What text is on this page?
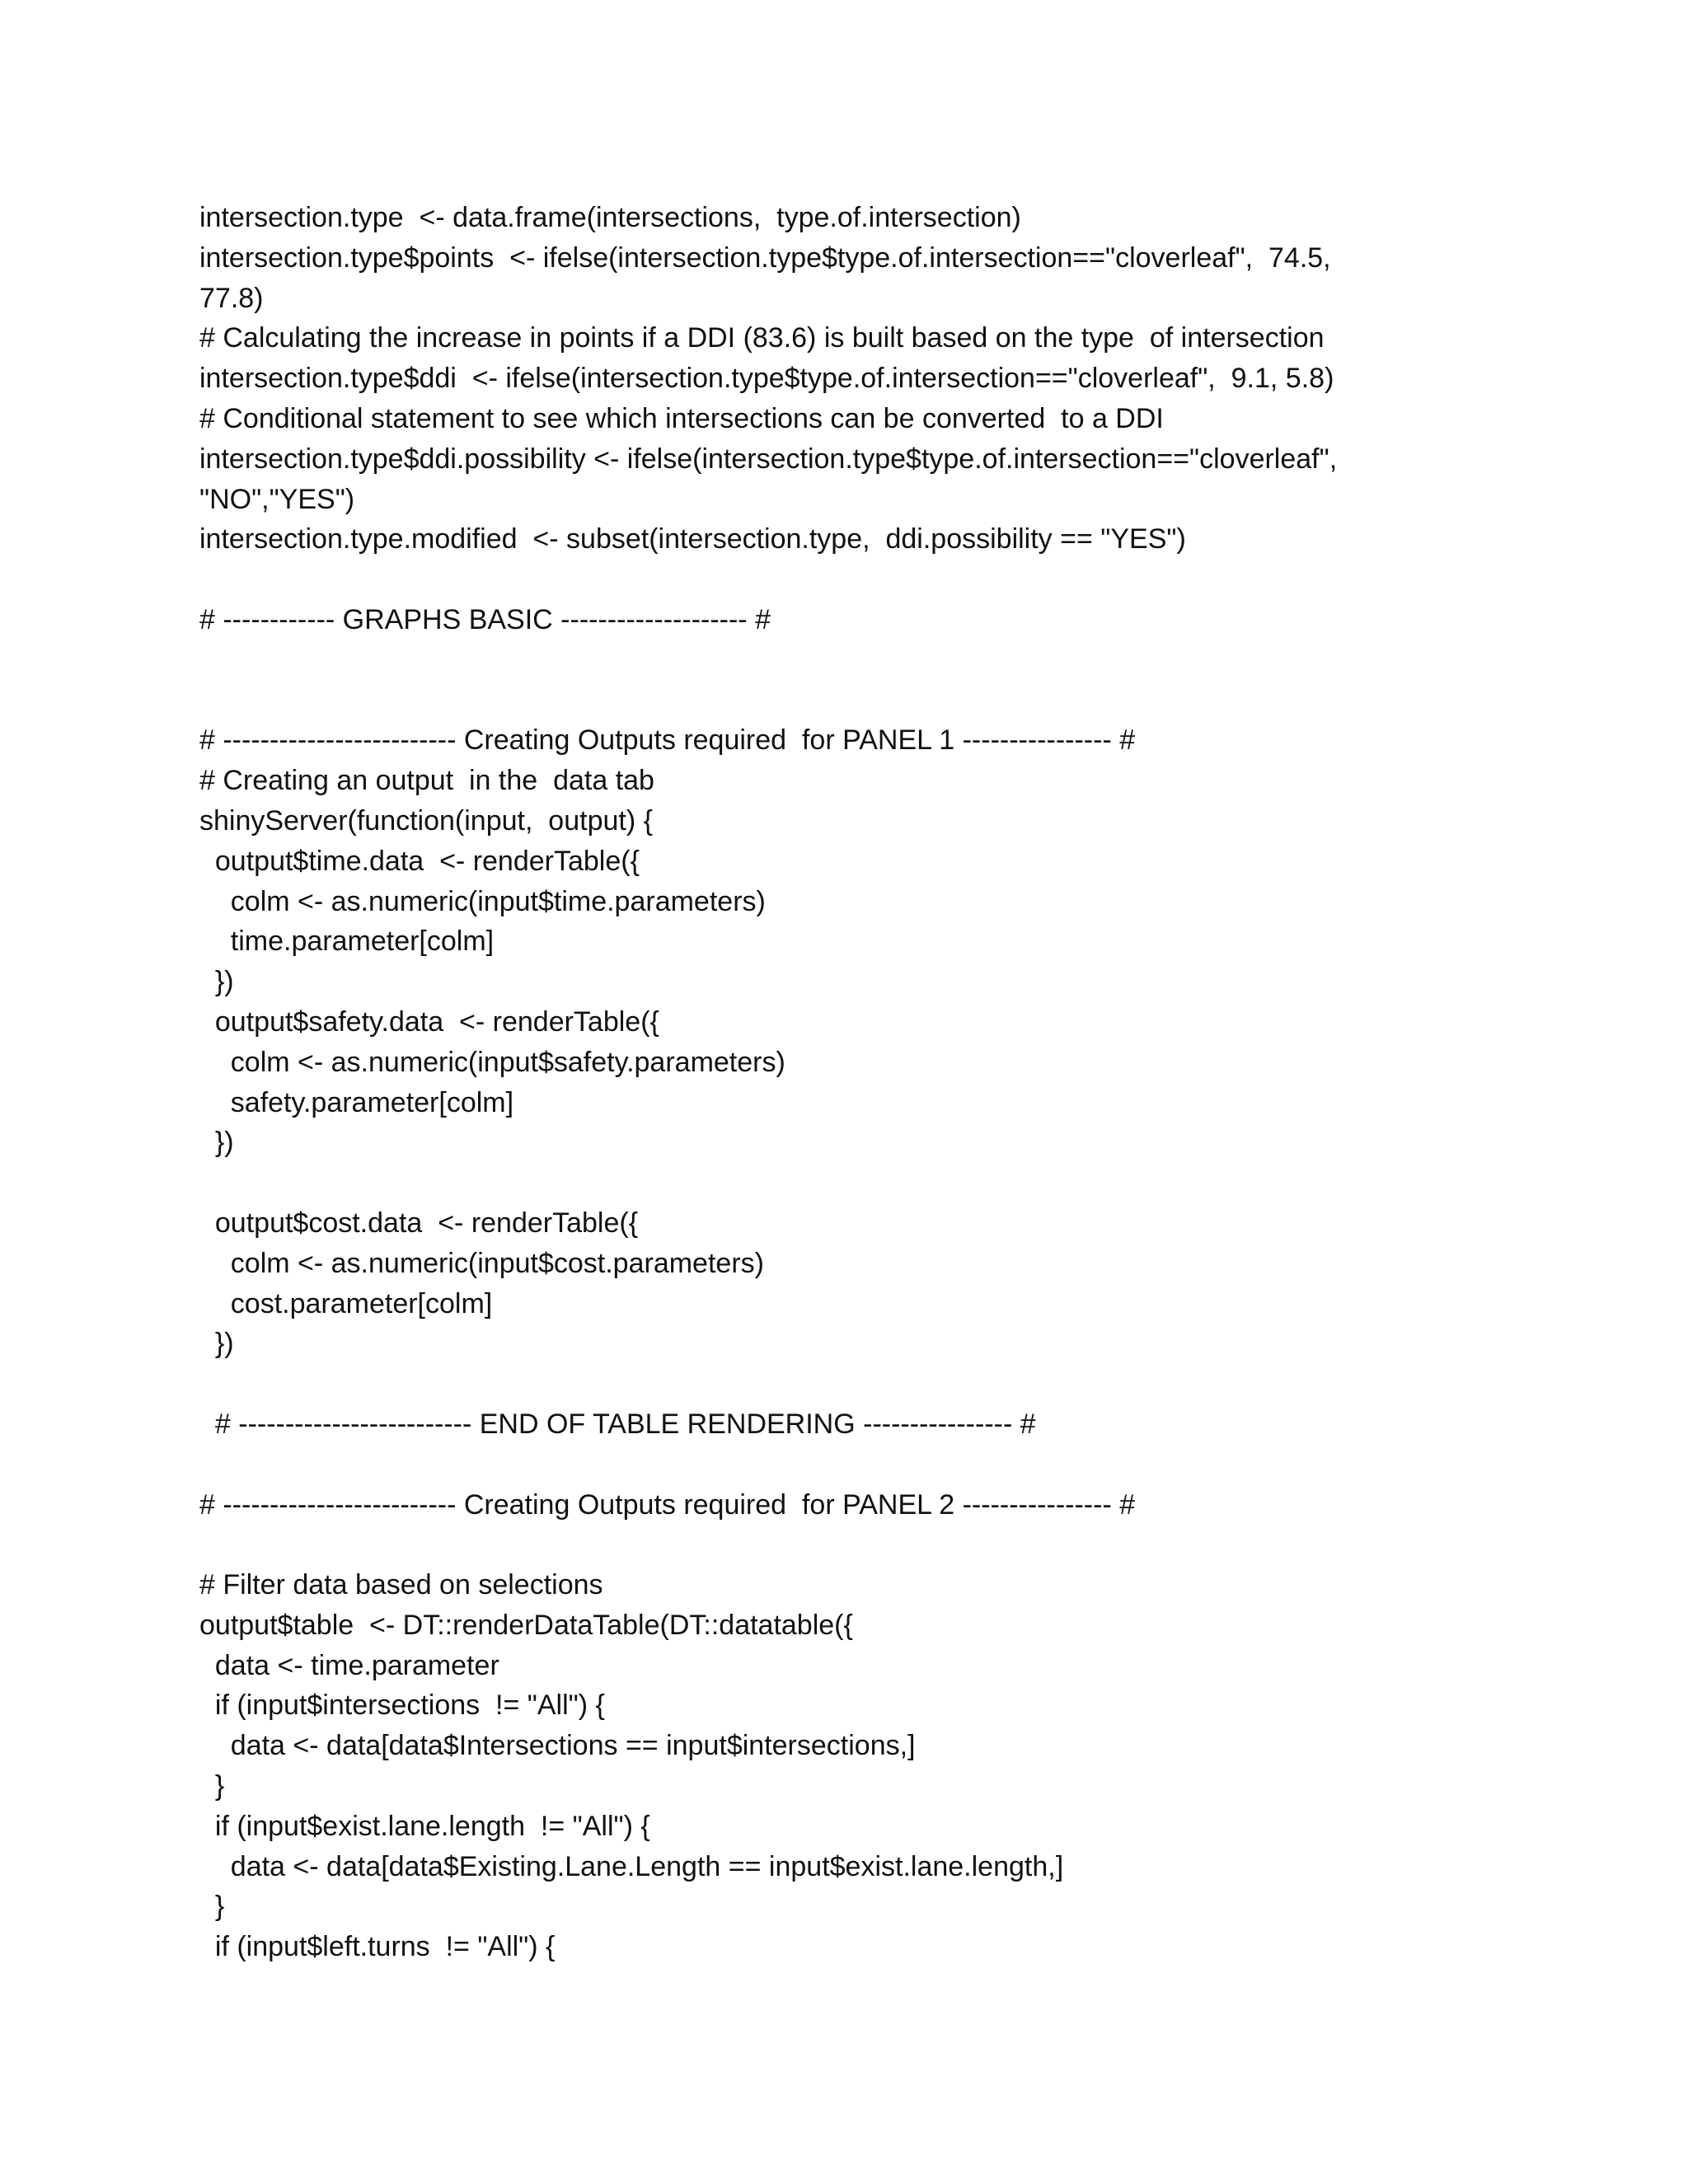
intersection.type  <- data.frame(intersections,  type.of.intersection)
intersection.type$points  <- ifelse(intersection.type$type.of.intersection=="cloverleaf",  74.5,
77.8)
# Calculating the increase in points if a DDI (83.6) is built based on the type  of intersection
intersection.type$ddi  <- ifelse(intersection.type$type.of.intersection=="cloverleaf",  9.1, 5.8)
# Conditional statement to see which intersections can be converted  to a DDI
intersection.type$ddi.possibility <- ifelse(intersection.type$type.of.intersection=="cloverleaf",
"NO","YES")
intersection.type.modified  <- subset(intersection.type,  ddi.possibility == "YES")
# ------------ GRAPHS BASIC -------------------- #
# ------------------------- Creating Outputs required  for PANEL 1 ---------------- #
# Creating an output  in the  data tab
shinyServer(function(input,  output) {
output$time.data  <- renderTable({
colm <- as.numeric(input$time.parameters)
time.parameter[colm]
})
output$safety.data  <- renderTable({
colm <- as.numeric(input$safety.parameters)
safety.parameter[colm]
})
output$cost.data  <- renderTable({
colm <- as.numeric(input$cost.parameters)
cost.parameter[colm]
})
# ------------------------- END OF TABLE RENDERING ---------------- #
# ------------------------- Creating Outputs required  for PANEL 2 ---------------- #
# Filter data based on selections
output$table  <- DT::renderDataTable(DT::datatable({
data <- time.parameter
if (input$intersections  != "All") {
data <- data[data$Intersections == input$intersections,]
}
if (input$exist.lane.length  != "All") {
data <- data[data$Existing.Lane.Length == input$exist.lane.length,]
}
if (input$left.turns  != "All") {
